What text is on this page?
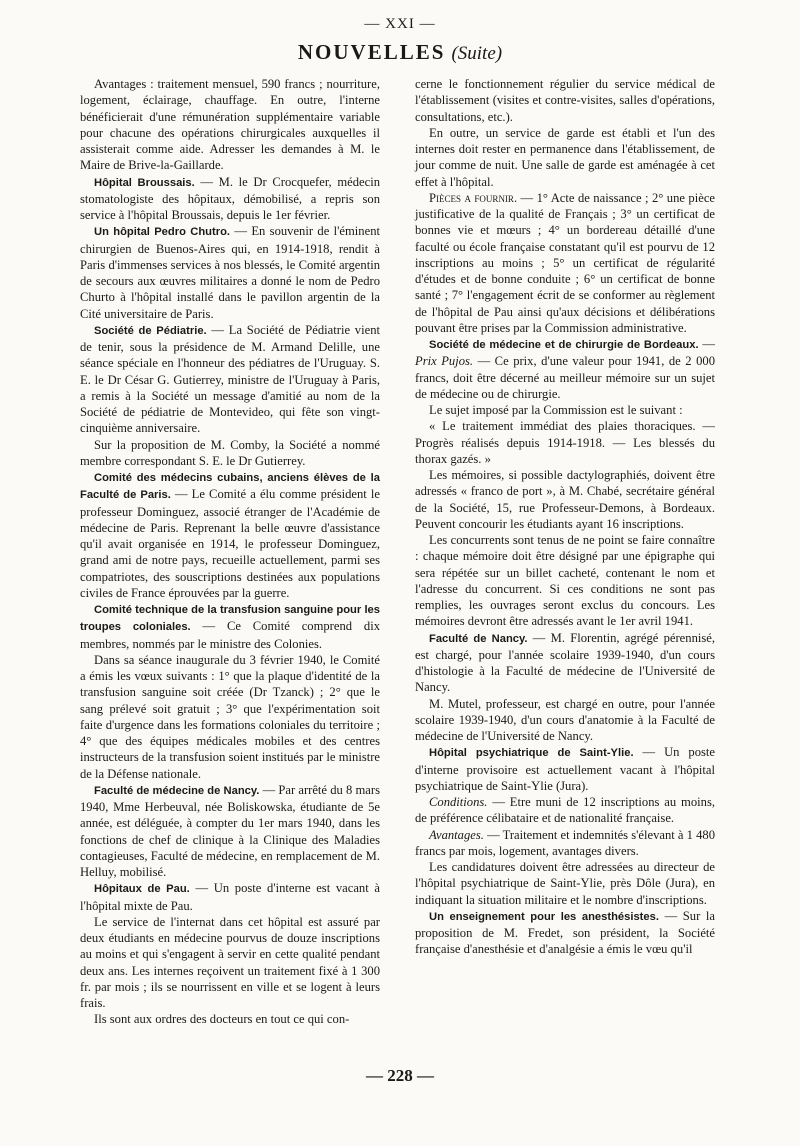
— XXI —
NOUVELLES (Suite)

Avantages : traitement mensuel, 590 francs ; nourriture, logement, éclairage, chauffage. En outre, l'interne bénéficierait d'une rémunération supplémentaire variable pour chacune des opérations chirurgicales auxquelles il assisterait comme aide. Adresser les demandes à M. le Maire de Brive-la-Gaillarde.

Hôpital Broussais. — M. le Dr Crocquefer, médecin stomatologiste des hôpitaux, démobilisé, a repris son service à l'hôpital Broussais, depuis le 1er février.

Un hôpital Pedro Chutro. — En souvenir de l'éminent chirurgien de Buenos-Aires qui, en 1914-1918, rendit à Paris d'immenses services à nos blessés, le Comité argentin de secours aux œuvres militaires a donné le nom de Pedro Churto à l'hôpital installé dans le pavillon argentin de la Cité universitaire de Paris.

Société de Pédiatrie. — La Société de Pédiatrie vient de tenir, sous la présidence de M. Armand Delille, une séance spéciale en l'honneur des pédiatres de l'Uruguay. S. E. le Dr César G. Gutierrey, ministre de l'Uruguay à Paris, a remis à la Société un message d'amitié au nom de la Société de pédiatrie de Montevideo, qui fête son vingt-cinquième anniversaire.

Sur la proposition de M. Comby, la Société a nommé membre correspondant S. E. le Dr Gutierrey.

Comité des médecins cubains, anciens élèves de la Faculté de Paris. — Le Comité a élu comme président le professeur Dominguez, associé étranger de l'Académie de médecine de Paris. Reprenant la belle œuvre d'assistance qu'il avait organisée en 1914, le professeur Dominguez, grand ami de notre pays, recueille actuellement, parmi ses compatriotes, des souscriptions destinées aux populations civiles de France éprouvées par la guerre.

Comité technique de la transfusion sanguine pour les troupes coloniales. — Ce Comité comprend dix membres, nommés par le ministre des Colonies.

Dans sa séance inaugurale du 3 février 1940, le Comité a émis les vœux suivants : 1° que la plaque d'identité de la transfusion sanguine soit créée (Dr Tzanck) ; 2° que le sang prélevé soit gratuit ; 3° que l'expérimentation soit faite d'urgence dans les formations coloniales du territoire ; 4° que des équipes médicales mobiles et des centres instructeurs de la transfusion soient institués par le ministre de la Défense nationale.

Faculté de médecine de Nancy. — Par arrêté du 8 mars 1940, Mme Herbeuval, née Boliskowska, étudiante de 5e année, est déléguée, à compter du 1er mars 1940, dans les fonctions de chef de clinique à la Clinique des Maladies contagieuses, Faculté de médecine, en remplacement de M. Helluy, mobilisé.

Hôpitaux de Pau. — Un poste d'interne est vacant à l'hôpital mixte de Pau.

Le service de l'internat dans cet hôpital est assuré par deux étudiants en médecine pourvus de douze inscriptions au moins et qui s'engagent à servir en cette qualité pendant deux ans. Les internes reçoivent un traitement fixé à 1 300 fr. par mois ; ils se nourrissent en ville et se logent à leurs frais.

Ils sont aux ordres des docteurs en tout ce qui con-

cerne le fonctionnement régulier du service médical de l'établissement (visites et contre-visites, salles d'opérations, consultations, etc.).

En outre, un service de garde est établi et l'un des internes doit rester en permanence dans l'établissement, de jour comme de nuit. Une salle de garde est aménagée à cet effet à l'hôpital.

Pièces a fournir. — 1° Acte de naissance ; 2° une pièce justificative de la qualité de Français ; 3° un certificat de bonnes vie et mœurs ; 4° un bordereau détaillé d'une faculté ou école française constatant qu'il est pourvu de 12 inscriptions au moins ; 5° un certificat de régularité d'études et de bonne conduite ; 6° un certificat de bonne santé ; 7° l'engagement écrit de se conformer au règlement de l'hôpital de Pau ainsi qu'aux décisions et délibérations pouvant être prises par la Commission administrative.

Société de médecine et de chirurgie de Bordeaux. — Prix Pujos. — Ce prix, d'une valeur pour 1941, de 2 000 francs, doit être décerné au meilleur mémoire sur un sujet de médecine ou de chirurgie.

Le sujet imposé par la Commission est le suivant :

« Le traitement immédiat des plaies thoraciques. — Progrès réalisés depuis 1914-1918. — Les blessés du thorax gazés. »

Les mémoires, si possible dactylographiés, doivent être adressés « franco de port », à M. Chabé, secrétaire général de la Société, 15, rue Professeur-Demons, à Bordeaux. Peuvent concourir les étudiants ayant 16 inscriptions.

Les concurrents sont tenus de ne point se faire connaître : chaque mémoire doit être désigné par une épigraphe qui sera répétée sur un billet cacheté, contenant le nom et l'adresse du concurrent. Si ces conditions ne sont pas remplies, les ouvrages seront exclus du concours. Les mémoires devront être adressés avant le 1er avril 1941.

Faculté de Nancy. — M. Florentin, agrégé pérennisé, est chargé, pour l'année scolaire 1939-1940, d'un cours d'histologie à la Faculté de médecine de l'Université de Nancy.

M. Mutel, professeur, est chargé en outre, pour l'année scolaire 1939-1940, d'un cours d'anatomie à la Faculté de médecine de l'Université de Nancy.

Hôpital psychiatrique de Saint-Ylie. — Un poste d'interne provisoire est actuellement vacant à l'hôpital psychiatrique de Saint-Ylie (Jura).

Conditions. — Etre muni de 12 inscriptions au moins, de préférence célibataire et de nationalité française.

Avantages. — Traitement et indemnités s'élevant à 1 480 francs par mois, logement, avantages divers.

Les candidatures doivent être adressées au directeur de l'hôpital psychiatrique de Saint-Ylie, près Dôle (Jura), en indiquant la situation militaire et le nombre d'inscriptions.

Un enseignement pour les anesthésistes. — Sur la proposition de M. Fredet, son président, la Société française d'anesthésie et d'analgésie a émis le vœu qu'il

— 228 —
